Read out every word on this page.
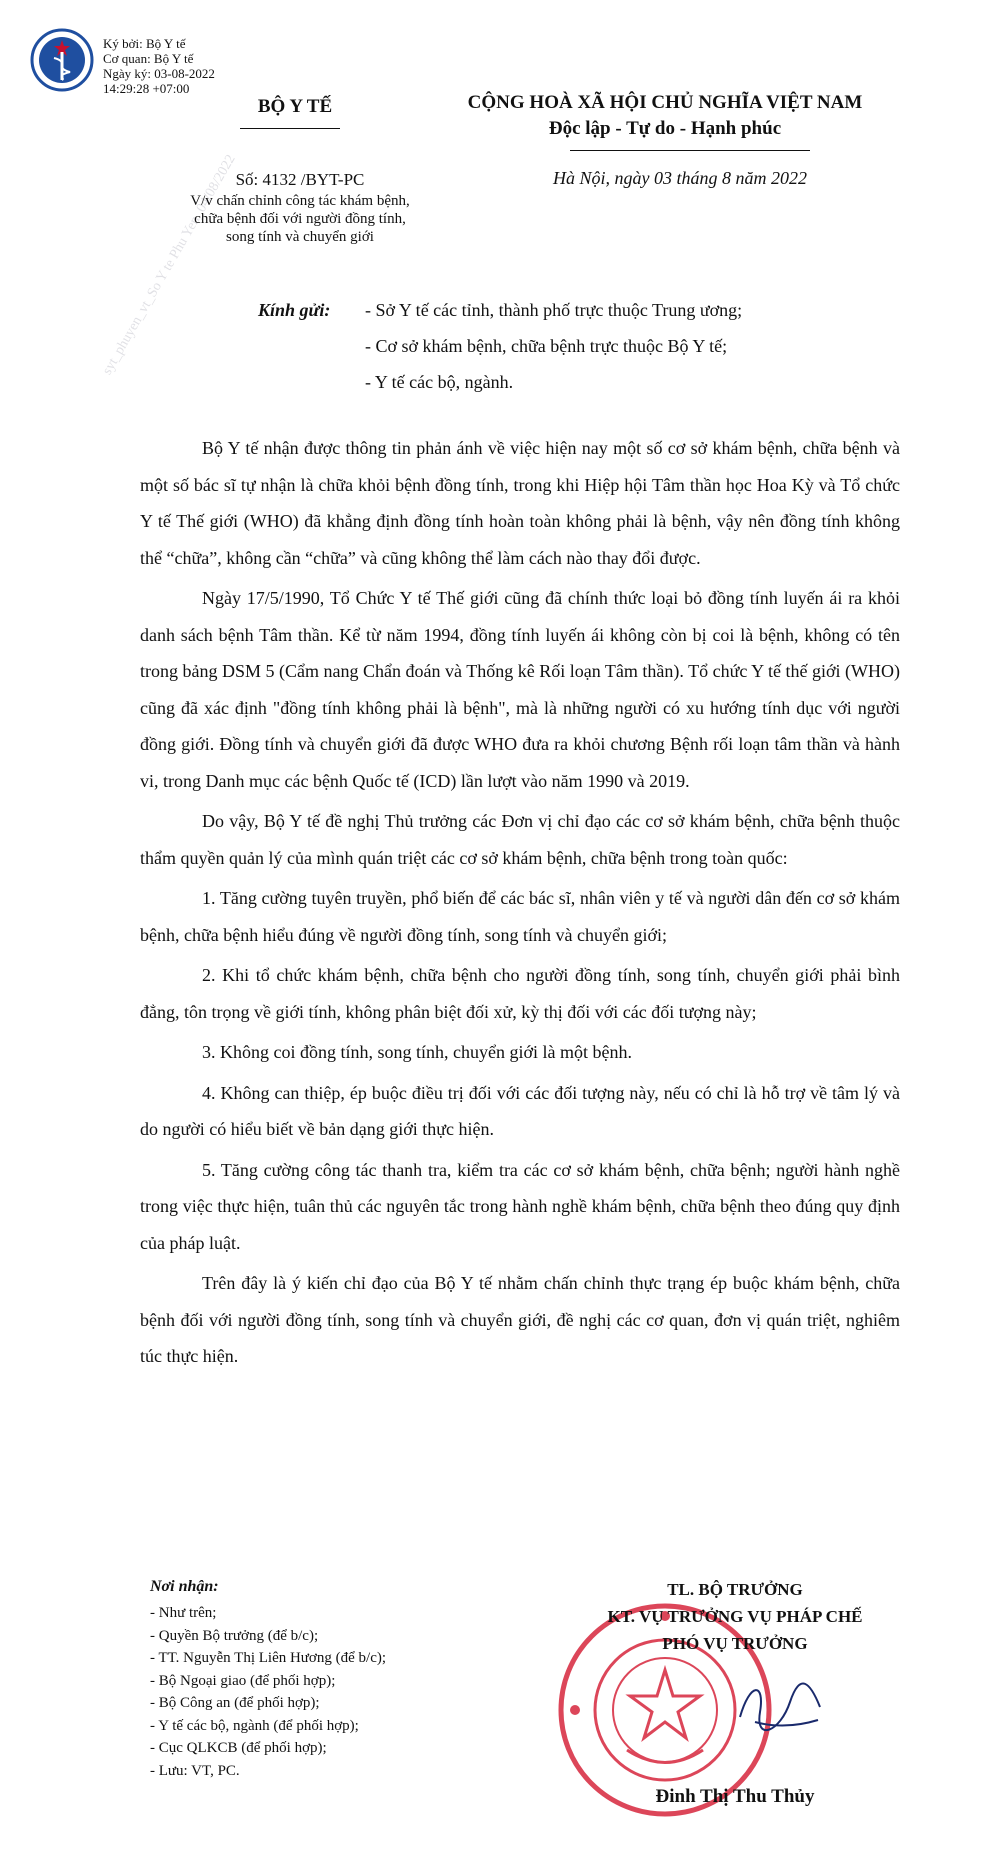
Ký bởi: Bộ Y tế
Cơ quan: Bộ Y tế
Ngày ký: 03-08-2022
14:29:28 +07:00
BỘ Y TẾ	CỘNG HOÀ XÃ HỘI CHỦ NGHĨA VIỆT NAM
Độc lập - Tự do - Hạnh phúc
Số: 4132 /BYT-PC
V/v chấn chỉnh công tác khám bệnh,
chữa bệnh đối với người đồng tính,
song tính và chuyển giới
Hà Nội, ngày 03 tháng 8 năm 2022
syt_phuyen_vt_So Y te Phu Yen_04/08/2022 Kính gửi: - Sở Y tế các tỉnh, thành phố trực thuộc Trung ương;
- Cơ sở khám bệnh, chữa bệnh trực thuộc Bộ Y tế;
- Y tế các bộ, ngành.

Bộ Y tế nhận được thông tin phản ánh về việc hiện nay một số cơ sở khám bệnh, chữa bệnh và một số bác sĩ tự nhận là chữa khỏi bệnh đồng tính, trong khi Hiệp hội Tâm thần học Hoa Kỳ và Tổ chức Y tế Thế giới (WHO) đã khẳng định đồng tính hoàn toàn không phải là bệnh, vậy nên đồng tính không thể “chữa”, không cần “chữa” và cũng không thể làm cách nào thay đổi được.

Ngày 17/5/1990, Tổ Chức Y tế Thế giới cũng đã chính thức loại bỏ đồng tính luyến ái ra khỏi danh sách bệnh Tâm thần. Kể từ năm 1994, đồng tính luyến ái không còn bị coi là bệnh, không có tên trong bảng DSM 5 (Cẩm nang Chẩn đoán và Thống kê Rối loạn Tâm thần). Tổ chức Y tế thế giới (WHO) cũng đã xác định "đồng tính không phải là bệnh", mà là những người có xu hướng tính dục với người đồng giới. Đồng tính và chuyển giới đã được WHO đưa ra khỏi chương Bệnh rối loạn tâm thần và hành vi, trong Danh mục các bệnh Quốc tế (ICD) lần lượt vào năm 1990 và 2019.

Do vậy, Bộ Y tế đề nghị Thủ trưởng các Đơn vị chỉ đạo các cơ sở khám bệnh, chữa bệnh thuộc thẩm quyền quản lý của mình quán triệt các cơ sở khám bệnh, chữa bệnh trong toàn quốc:

1. Tăng cường tuyên truyền, phổ biến để các bác sĩ, nhân viên y tế và người dân đến cơ sở khám bệnh, chữa bệnh hiểu đúng về người đồng tính, song tính và chuyển giới;

2. Khi tổ chức khám bệnh, chữa bệnh cho người đồng tính, song tính, chuyển giới phải bình đẳng, tôn trọng về giới tính, không phân biệt đối xử, kỳ thị đối với các đối tượng này;

3. Không coi đồng tính, song tính, chuyển giới là một bệnh.

4. Không can thiệp, ép buộc điều trị đối với các đối tượng này, nếu có chỉ là hỗ trợ về tâm lý và do người có hiểu biết về bản dạng giới thực hiện.

5. Tăng cường công tác thanh tra, kiểm tra các cơ sở khám bệnh, chữa bệnh; người hành nghề trong việc thực hiện, tuân thủ các nguyên tắc trong hành nghề khám bệnh, chữa bệnh theo đúng quy định của pháp luật.

Trên đây là ý kiến chỉ đạo của Bộ Y tế nhằm chấn chỉnh thực trạng ép buộc khám bệnh, chữa bệnh đối với người đồng tính, song tính và chuyển giới, đề nghị các cơ quan, đơn vị quán triệt, nghiêm túc thực hiện.

Nơi nhận:
- Như trên;
- Quyền Bộ trưởng (để b/c);
- TT. Nguyễn Thị Liên Hương (để b/c);
- Bộ Ngoại giao (để phối hợp);
- Bộ Công an (để phối hợp);
- Y tế các bộ, ngành (để phối hợp);
- Cục QLKCB (để phối hợp);
- Lưu: VT, PC.
TL. BỘ TRƯỞNG
KT. VỤ TRƯỞNG VỤ PHÁP CHẾ
PHÓ VỤ TRƯỞNG
Đinh Thị Thu Thủy
